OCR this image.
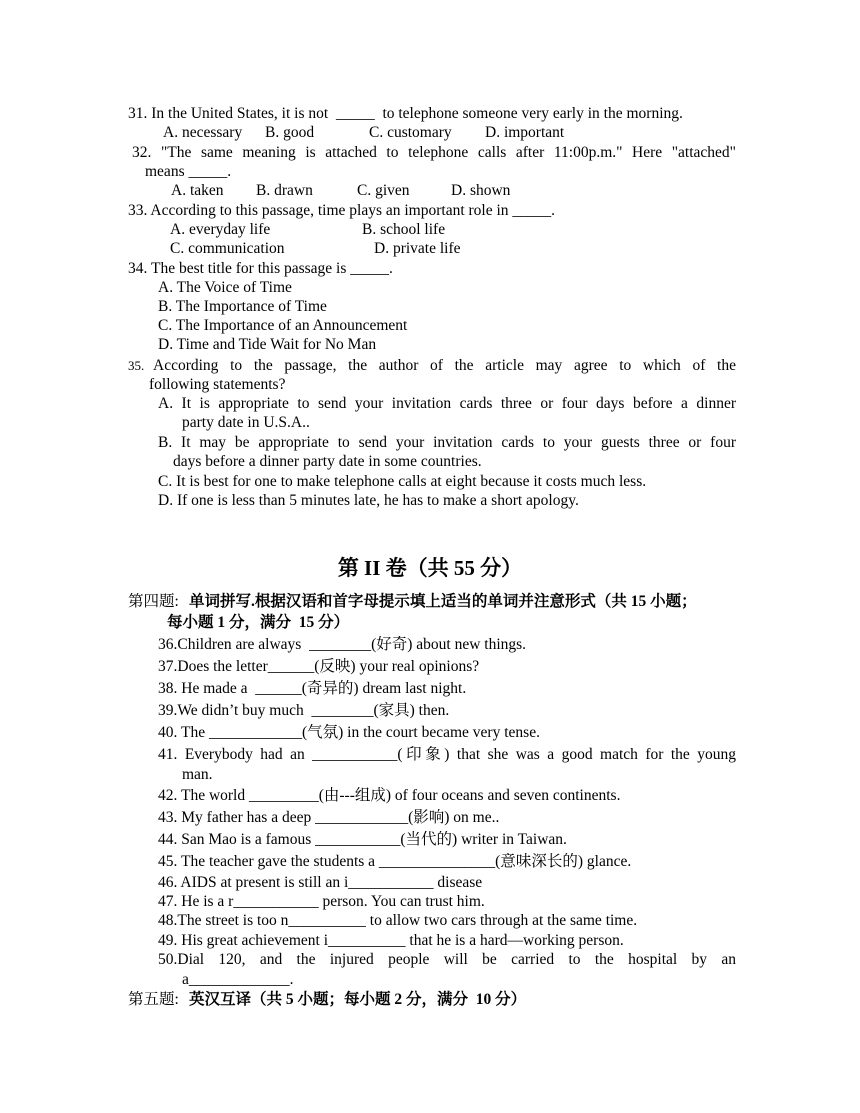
31. In the United States, it is not  _____  to telephone someone very early in the morning.
A. necessary B. good	C. customary D. important
32. "The same meaning is attached to telephone calls after 11:00p.m." Here "attached"
means _____.
A. taken B. drawn	C. given	D. shown
33. According to this passage, time plays an important role in _____.
A. everyday life	B. school life
C. communication	D. private life
34. The best title for this passage is _____.
A. The Voice of Time
B. The Importance of Time
C. The Importance of an Announcement
D. Time and Tide Wait for No Man
35. According to the passage, the author of the article may agree to which of the
following statements?
A. It is appropriate to send your invitation cards three or four days before a dinner
party date in U.S.A..
B. It may be appropriate to send your invitation cards to your guests three or four
days before a dinner party date in some countries.
C. It is best for one to make telephone calls at eight because it costs much less.
D. If one is less than 5 minutes late, he has to make a short apology.
第 II 卷（共 55 分）
第四题: 单词拼写.根据汉语和首字母提示填上适当的单词并注意形式（共 15 小题；
每小题 1 分，满分  15 分）
36.Children are always  ________(好奇) about new things.
37.Does the letter______(反映) your real opinions?
38. He made a  ______(奇异的) dream last night.
39.We didn’t buy much  ________(家具) then.
40. The ____________(气氛) in the court became very tense.
41. Everybody had an ___________(印象) that she was a good match for the young
man.
42. The world _________(由---组成) of four oceans and seven continents.
43. My father has a deep ____________(影响) on me..
44. San Mao is a famous ___________(当代的) writer in Taiwan.
45. The teacher gave the students a _______________(意味深长的) glance.
46. AIDS at present is still an i___________ disease
47. He is a r___________ person. You can trust him.
48.The street is too n__________ to allow two cars through at the same time.
49. His great achievement i__________ that he is a hard—working person.
50.Dial 120, and the injured people will be carried to the hospital by an
a_____________.
第五题: 英汉互译（共 5 小题；每小题 2 分，满分  10 分）
